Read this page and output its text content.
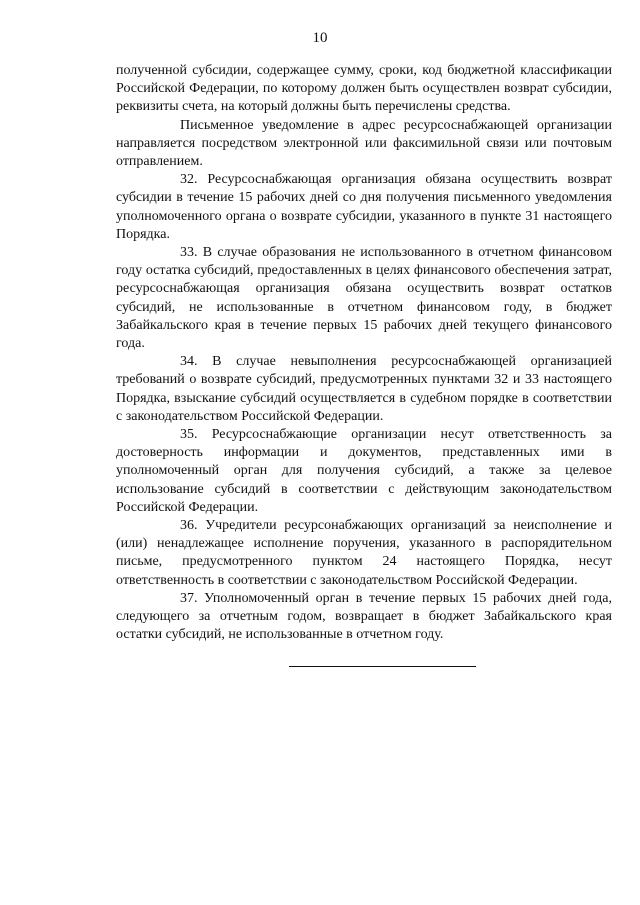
10

полученной субсидии, содержащее сумму, сроки, код бюджетной классификации Российской Федерации, по которому должен быть осуществлен возврат субсидии, реквизиты счета, на который должны быть перечислены средства.

Письменное уведомление в адрес ресурсоснабжающей организации направляется посредством электронной или факсимильной связи или почтовым отправлением.

32. Ресурсоснабжающая организация обязана осуществить возврат субсидии в течение 15 рабочих дней со дня получения письменного уведомления уполномоченного органа о возврате субсидии, указанного в пункте 31 настоящего Порядка.

33. В случае образования не использованного в отчетном финансовом году остатка субсидий, предоставленных в целях финансового обеспечения затрат, ресурсоснабжающая организация обязана осуществить возврат остатков субсидий, не использованные в отчетном финансовом году, в бюджет Забайкальского края в течение первых 15 рабочих дней текущего финансового года.

34. В случае невыполнения ресурсоснабжающей организацией требований о возврате субсидий, предусмотренных пунктами 32 и 33 настоящего Порядка, взыскание субсидий осуществляется в судебном порядке в соответствии с законодательством Российской Федерации.

35. Ресурсоснабжающие организации несут ответственность за достоверность информации и документов, представленных ими в уполномоченный орган для получения субсидий, а также за целевое использование субсидий в соответствии с действующим законодательством Российской Федерации.

36. Учредители ресурсонабжающих организаций за неисполнение и (или) ненадлежащее исполнение поручения, указанного в распорядительном письме, предусмотренного пунктом 24 настоящего Порядка, несут ответственность в соответствии с законодательством Российской Федерации.

37. Уполномоченный орган в течение первых 15 рабочих дней года, следующего за отчетным годом, возвращает в бюджет Забайкальского края остатки субсидий, не использованные в отчетном году.
